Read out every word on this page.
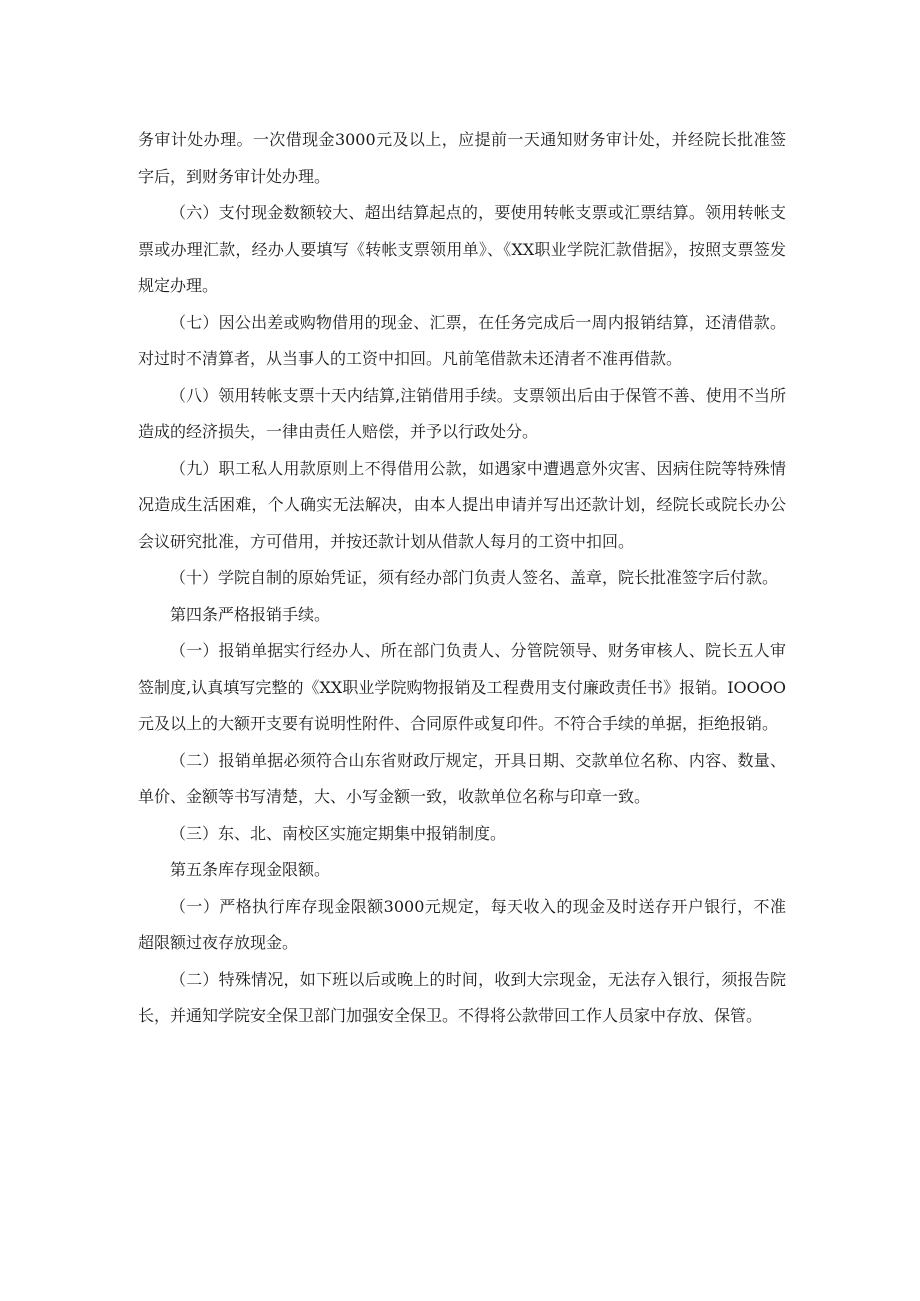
务审计处办理。一次借现金3000元及以上，应提前一天通知财务审计处，并经院长批准签字后，到财务审计处办理。

（六）支付现金数额较大、超出结算起点的，要使用转帐支票或汇票结算。领用转帐支票或办理汇款，经办人要填写《转帐支票领用单》、《XX职业学院汇款借据》，按照支票签发规定办理。

（七）因公出差或购物借用的现金、汇票，在任务完成后一周内报销结算，还清借款。对过时不清算者，从当事人的工资中扣回。凡前笔借款未还清者不准再借款。

（八）领用转帐支票十天内结算,注销借用手续。支票领出后由于保管不善、使用不当所造成的经济损失，一律由责任人赔偿，并予以行政处分。

（九）职工私人用款原则上不得借用公款，如遇家中遭遇意外灾害、因病住院等特殊情况造成生活困难，个人确实无法解决，由本人提出申请并写出还款计划，经院长或院长办公会议研究批准，方可借用，并按还款计划从借款人每月的工资中扣回。

（十）学院自制的原始凭证，须有经办部门负责人签名、盖章，院长批准签字后付款。

第四条严格报销手续。

（一）报销单据实行经办人、所在部门负责人、分管院领导、财务审核人、院长五人审签制度,认真填写完整的《XX职业学院购物报销及工程费用支付廉政责任书》报销。IOOOO元及以上的大额开支要有说明性附件、合同原件或复印件。不符合手续的单据，拒绝报销。

（二）报销单据必须符合山东省财政厅规定，开具日期、交款单位名称、内容、数量、单价、金额等书写清楚，大、小写金额一致，收款单位名称与印章一致。

（三）东、北、南校区实施定期集中报销制度。

第五条库存现金限额。

（一）严格执行库存现金限额3000元规定，每天收入的现金及时送存开户银行，不准超限额过夜存放现金。

（二）特殊情况，如下班以后或晚上的时间，收到大宗现金，无法存入银行，须报告院长，并通知学院安全保卫部门加强安全保卫。不得将公款带回工作人员家中存放、保管。
